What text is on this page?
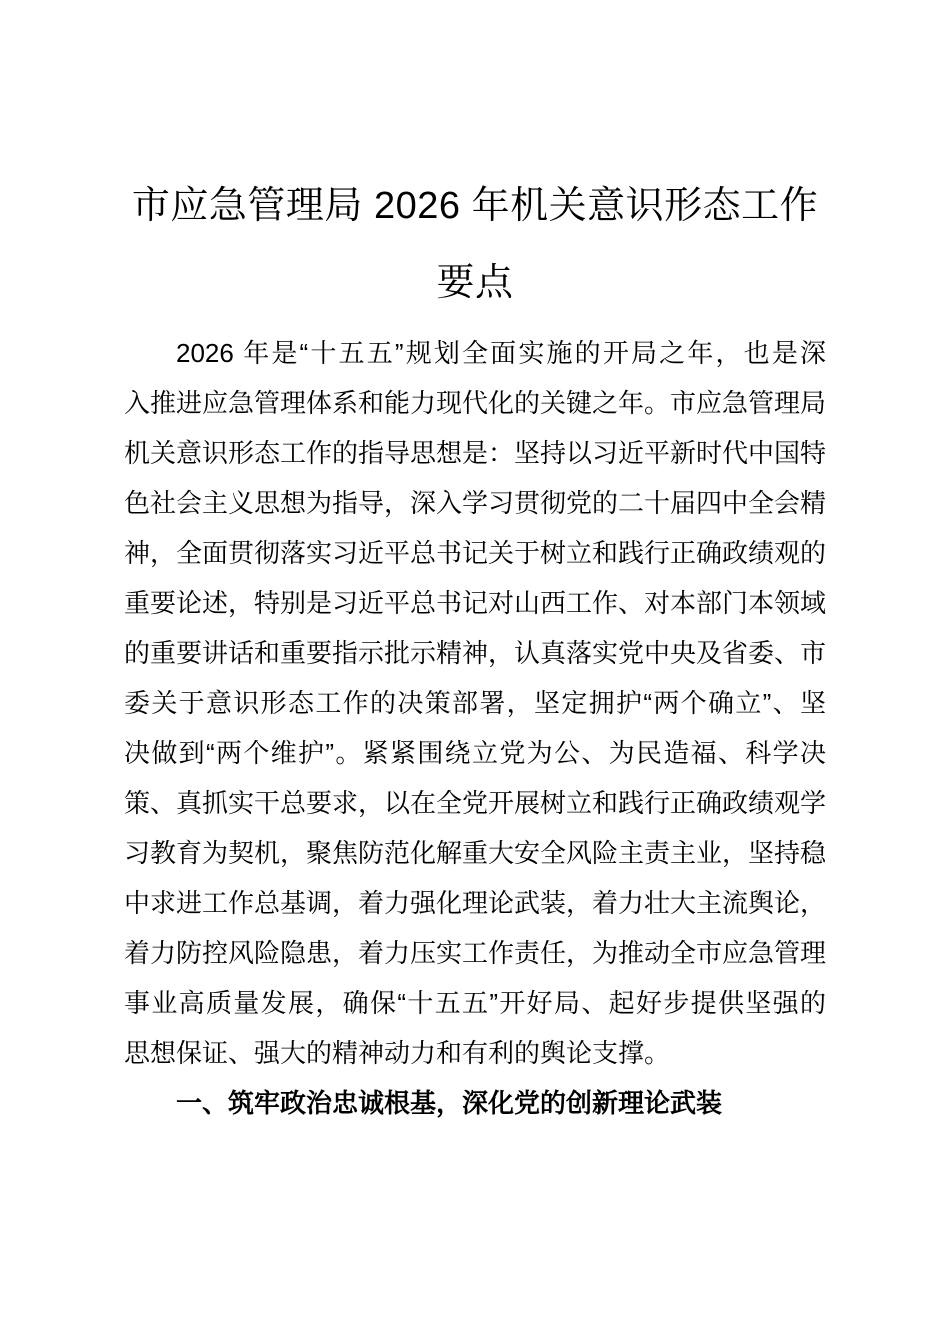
市应急管理局 2026 年机关意识形态工作
要点
2026 年是“十五五”规划全面实施的开局之年，也是深
入推进应急管理体系和能力现代化的关键之年。市应急管理局
机关意识形态工作的指导思想是：坚持以习近平新时代中国特
色社会主义思想为指导，深入学习贯彻党的二十届四中全会精
神，全面贯彻落实习近平总书记关于树立和践行正确政绩观的
重要论述，特别是习近平总书记对山西工作、对本部门本领域
的重要讲话和重要指示批示精神，认真落实党中央及省委、市
委关于意识形态工作的决策部署，坚定拥护“两个确立”、坚
决做到“两个维护”。紧紧围绕立党为公、为民造福、科学决
策、真抓实干总要求，以在全党开展树立和践行正确政绩观学
习教育为契机，聚焦防范化解重大安全风险主责主业，坚持稳
中求进工作总基调，着力强化理论武装，着力壮大主流舆论，
着力防控风险隐患，着力压实工作责任，为推动全市应急管理
事业高质量发展，确保“十五五”开好局、起好步提供坚强的
思想保证、强大的精神动力和有利的舆论支撑。
一、筑牢政治忠诚根基，深化党的创新理论武装
